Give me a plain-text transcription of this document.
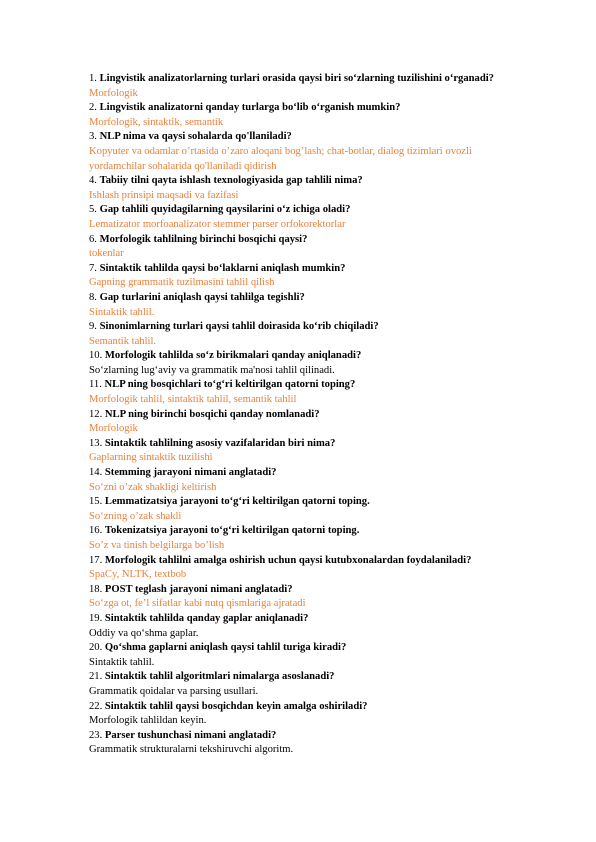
1. Lingvistik analizatorlarning turlari orasida qaysi biri so‘zlarning tuzilishini o‘rganadi?

Morfologik

2. Lingvistik analizatorni qanday turlarga bo‘lib o‘rganish mumkin?

Morfologik, sintaktik, semantik

3. NLP nima va qaysi sohalarda qo'llaniladi?

Kopyuter va odamlar o’rtasida o’zaro aloqani bog’lash; chat-botlar, dialog tizimlari ovozli yordamchilar sohalarida qo'llaniladi qidirish

4. Tabiiy tilni qayta ishlash texnologiyasida gap tahlili nima?

Ishlash prinsipi maqsadi va fazifasi

5. Gap tahlili quyidagilarning qaysilarini o‘z ichiga oladi?

Lematizator morfoanalizator stemmer parser orfokorektorlar

6. Morfologik tahlilning birinchi bosqichi qaysi?

tokenlar

7. Sintaktik tahlilda qaysi bo‘laklarni aniqlash mumkin?

Gapning grammatik tuzilmasini tahlil qilish

8. Gap turlarini aniqlash qaysi tahlilga tegishli?

Sintaktik tahlil.

9. Sinonimlarning turlari qaysi tahlil doirasida ko‘rib chiqiladi?

Semantik tahlil.

10. Morfologik tahlilda so‘z birikmalari qanday aniqlanadi?

So‘zlarning lug‘aviy va grammatik ma'nosi tahlil qilinadi.

11. NLP ning bosqichlari to‘g‘ri keltirilgan qatorni toping?

Morfologik tahlil, sintaktik tahlil, semantik tahlil

12. NLP ning birinchi bosqichi qanday nomlanadi?

Morfologik

13. Sintaktik tahlilning asosiy vazifalaridan biri nima?

Gaplarning sintaktik tuzilishi

14. Stemming jarayoni nimani anglatadi?

So‘zni o’zak shakligi keltirish

15. Lemmatizatsiya jarayoni to‘g‘ri keltirilgan qatorni toping.

So‘zning o’zak shakli

16. Tokenizatsiya jarayoni to‘g‘ri keltirilgan qatorni toping.

So’z va tinish belgilarga bo’lish

17. Morfologik tahlilni amalga oshirish uchun qaysi kutubxonalardan foydalaniladi?

SpaCy, NLTK, textbob

18. POST teglash jarayoni nimani anglatadi?

So‘zga ot, fe’l sifatlar kabi nutq qismlariga ajratadi

19. Sintaktik tahlilda qanday gaplar aniqlanadi?

Oddiy va qo‘shma gaplar.

20. Qo‘shma gaplarni aniqlash qaysi tahlil turiga kiradi?

Sintaktik tahlil.

21. Sintaktik tahlil algoritmlari nimalarga asoslanadi?

Grammatik qoidalar va parsing usullari.

22. Sintaktik tahlil qaysi bosqichdan keyin amalga oshiriladi?

Morfologik tahlildan keyin.

23. Parser tushunchasi nimani anglatadi?

Grammatik strukturalarni tekshiruvchi algoritm.
